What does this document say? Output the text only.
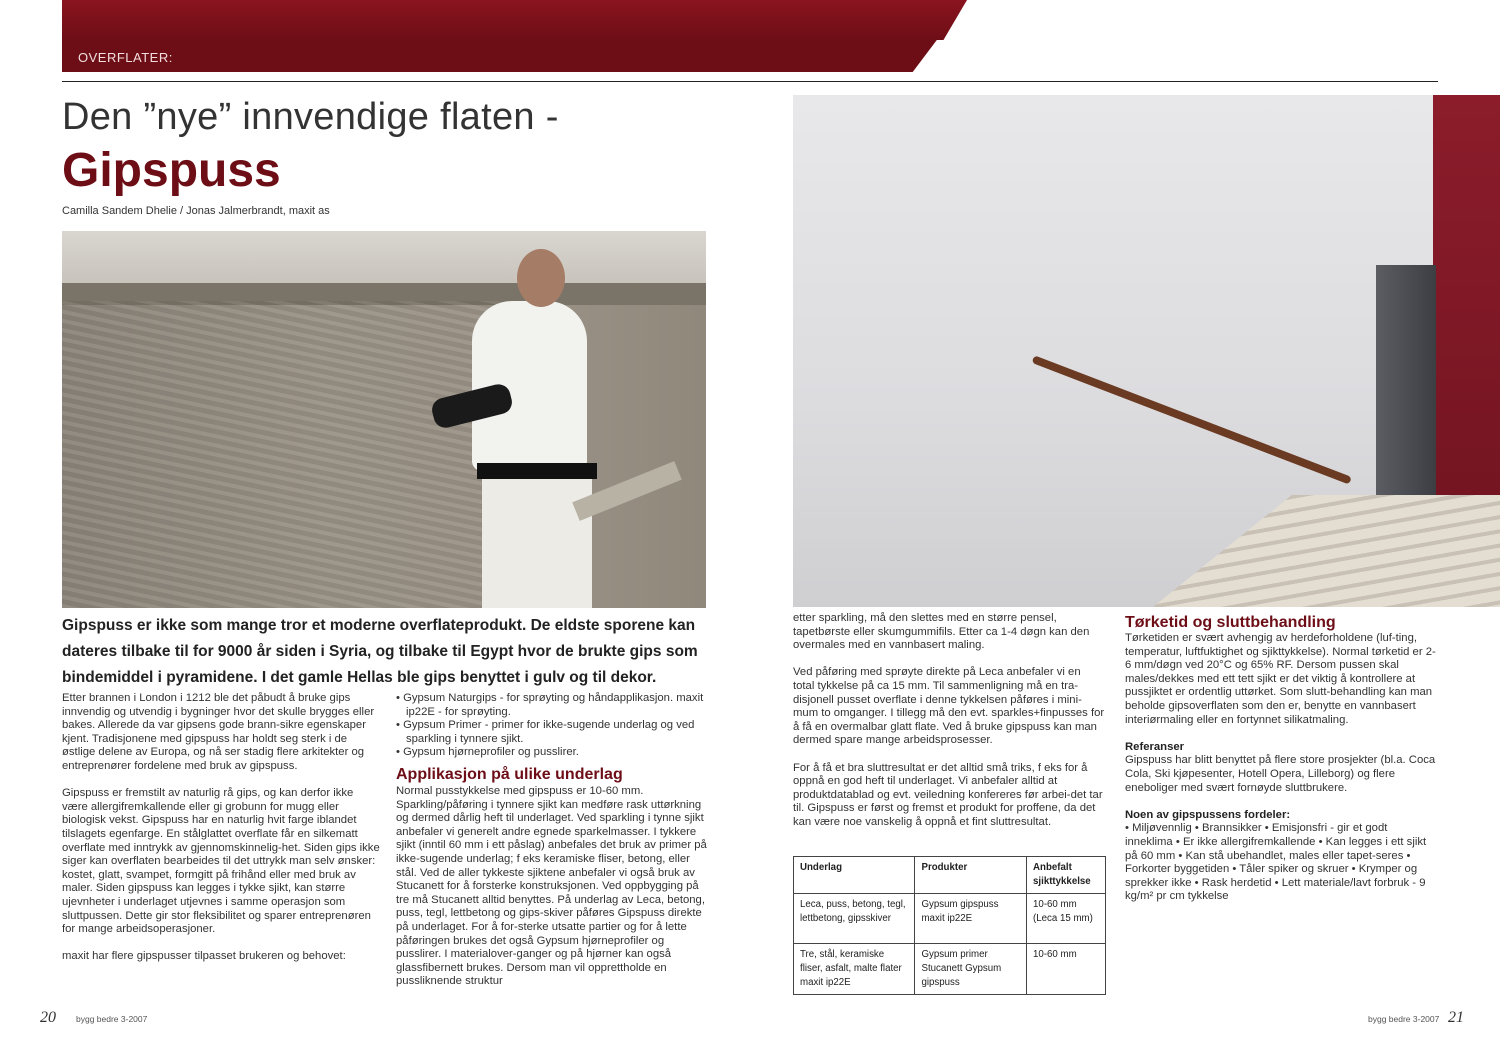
OVERFLATER:
Den ”nye” innvendige flaten -
Gipspuss
Camilla Sandem Dhelie / Jonas Jalmerbrandt, maxit as
Gipspuss er ikke som mange tror et moderne overflateprodukt. De eldste sporene kan dateres tilbake til for 9000 år siden i Syria, og tilbake til Egypt hvor de brukte gips som bindemiddel i pyramidene. I det gamle Hellas ble gips benyttet i gulv og til dekor.

Etter brannen i London i 1212 ble det påbudt å bruke gips innvendig og utvendig i bygninger hvor det skulle brygges eller bakes. Allerede da var gipsens gode brann-sikre egenskaper kjent. Tradisjonene med gipspuss har holdt seg sterk i de østlige delene av Europa, og nå ser stadig flere arkitekter og entreprenører fordelene med bruk av gipspuss.

Gipspuss er fremstilt av naturlig rå gips, og kan derfor ikke være allergifremkallende eller gi grobunn for mugg eller biologisk vekst. Gipspuss har en naturlig hvit farge iblandet tilslagets egenfarge. En stålglattet overflate får en silkematt overflate med inntrykk av gjennomskinnelig-het. Siden gips ikke siger kan overflaten bearbeides til det uttrykk man selv ønsker: kostet, glatt, svampet, formgitt på frihånd eller med bruk av maler. Siden gipspuss kan legges i tykke sjikt, kan større ujevnheter i underlaget utjevnes i samme operasjon som sluttpussen. Dette gir stor fleksibilitet og sparer entreprenøren for mange arbeidsoperasjoner.

maxit har flere gipspusser tilpasset brukeren og behovet:

• Gypsum Naturgips - for sprøyting og håndapplikasjon. maxit ip22E - for sprøyting.
• Gypsum Primer - primer for ikke-sugende underlag og ved sparkling i tynnere sjikt.
• Gypsum hjørneprofiler og pusslirer.
Applikasjon på ulike underlag
Normal pusstykkelse med gipspuss er 10-60 mm. Sparkling/påføring i tynnere sjikt kan medføre rask uttørkning og dermed dårlig heft til underlaget. Ved sparkling i tynne sjikt anbefaler vi generelt andre egnede sparkelmasser. I tykkere sjikt (inntil 60 mm i ett påslag) anbefales det bruk av primer på ikke-sugende underlag; f eks keramiske fliser, betong, eller stål. Ved de aller tykkeste sjiktene anbefaler vi også bruk av Stucanett for å forsterke konstruksjonen. Ved oppbygging på tre må Stucanett alltid benyttes. På underlag av Leca, betong, puss, tegl, lettbetong og gips-skiver påføres Gipspuss direkte på underlaget. For å for-sterke utsatte partier og for å lette påføringen brukes det også Gypsum hjørneprofiler og pusslirer. I materialover-ganger og på hjørner kan også glassfibernett brukes. Dersom man vil opprettholde en pussliknende struktur

etter sparkling, må den slettes med en større pensel, tapetbørste eller skumgummifils. Etter ca 1-4 døgn kan den overmales med en vannbasert maling.

Ved påføring med sprøyte direkte på Leca anbefaler vi en total tykkelse på ca 15 mm. Til sammenligning må en tra-disjonell pusset overflate i denne tykkelsen påføres i mini-mum to omganger. I tillegg må den evt. sparkles+finpusses for å få en overmalbar glatt flate. Ved å bruke gipspuss kan man dermed spare mange arbeidsprosesser.

For å få et bra sluttresultat er det alltid små triks, f eks for å oppnå en god heft til underlaget. Vi anbefaler alltid at produktdatablad og evt. veiledning konfereres før arbei-det tar til. Gipspuss er først og fremst et produkt for proffene, da det kan være noe vanskelig å oppnå et fint sluttresultat.

Underlag	Produkter	Anbefalt sjikttykkelse
Leca, puss, betong, tegl, lettbetong, gipsskiver	Gypsum gipspuss maxit ip22E	10-60 mm (Leca 15 mm)
Tre, stål, keramiske fliser, asfalt, malte flater maxit ip22E	Gypsum primer Stucanett Gypsum gipspuss	10-60 mm
Tørketid og sluttbehandling

Tørketiden er svært avhengig av herdeforholdene (luf-ting, temperatur, luftfuktighet og sjikttykkelse). Normal tørketid er 2-6 mm/døgn ved 20°C og 65% RF. Dersom pussen skal males/dekkes med ett tett sjikt er det viktig å kontrollere at pussjiktet er ordentlig uttørket. Som slutt-behandling kan man beholde gipsoverflaten som den er, benytte en vannbasert interiørmaling eller en fortynnet silikatmaling.

Referanser

Gipspuss har blitt benyttet på flere store prosjekter (bl.a. Coca Cola, Ski kjøpesenter, Hotell Opera, Lilleborg) og flere eneboliger med svært fornøyde sluttbrukere.

Noen av gipspussens fordeler:
• Miljøvennlig • Brannsikker • Emisjonsfri - gir et godt inneklima • Er ikke allergifremkallende • Kan legges i ett sjikt på 60 mm • Kan stå ubehandlet, males eller tapet-seres • Forkorter byggetiden • Tåler spiker og skruer • Krymper og sprekker ikke • Rask herdetid • Lett materiale/lavt forbruk - 9 kg/m² pr cm tykkelse
20 bygg bedre 3-2007	bygg bedre 3-2007 21
